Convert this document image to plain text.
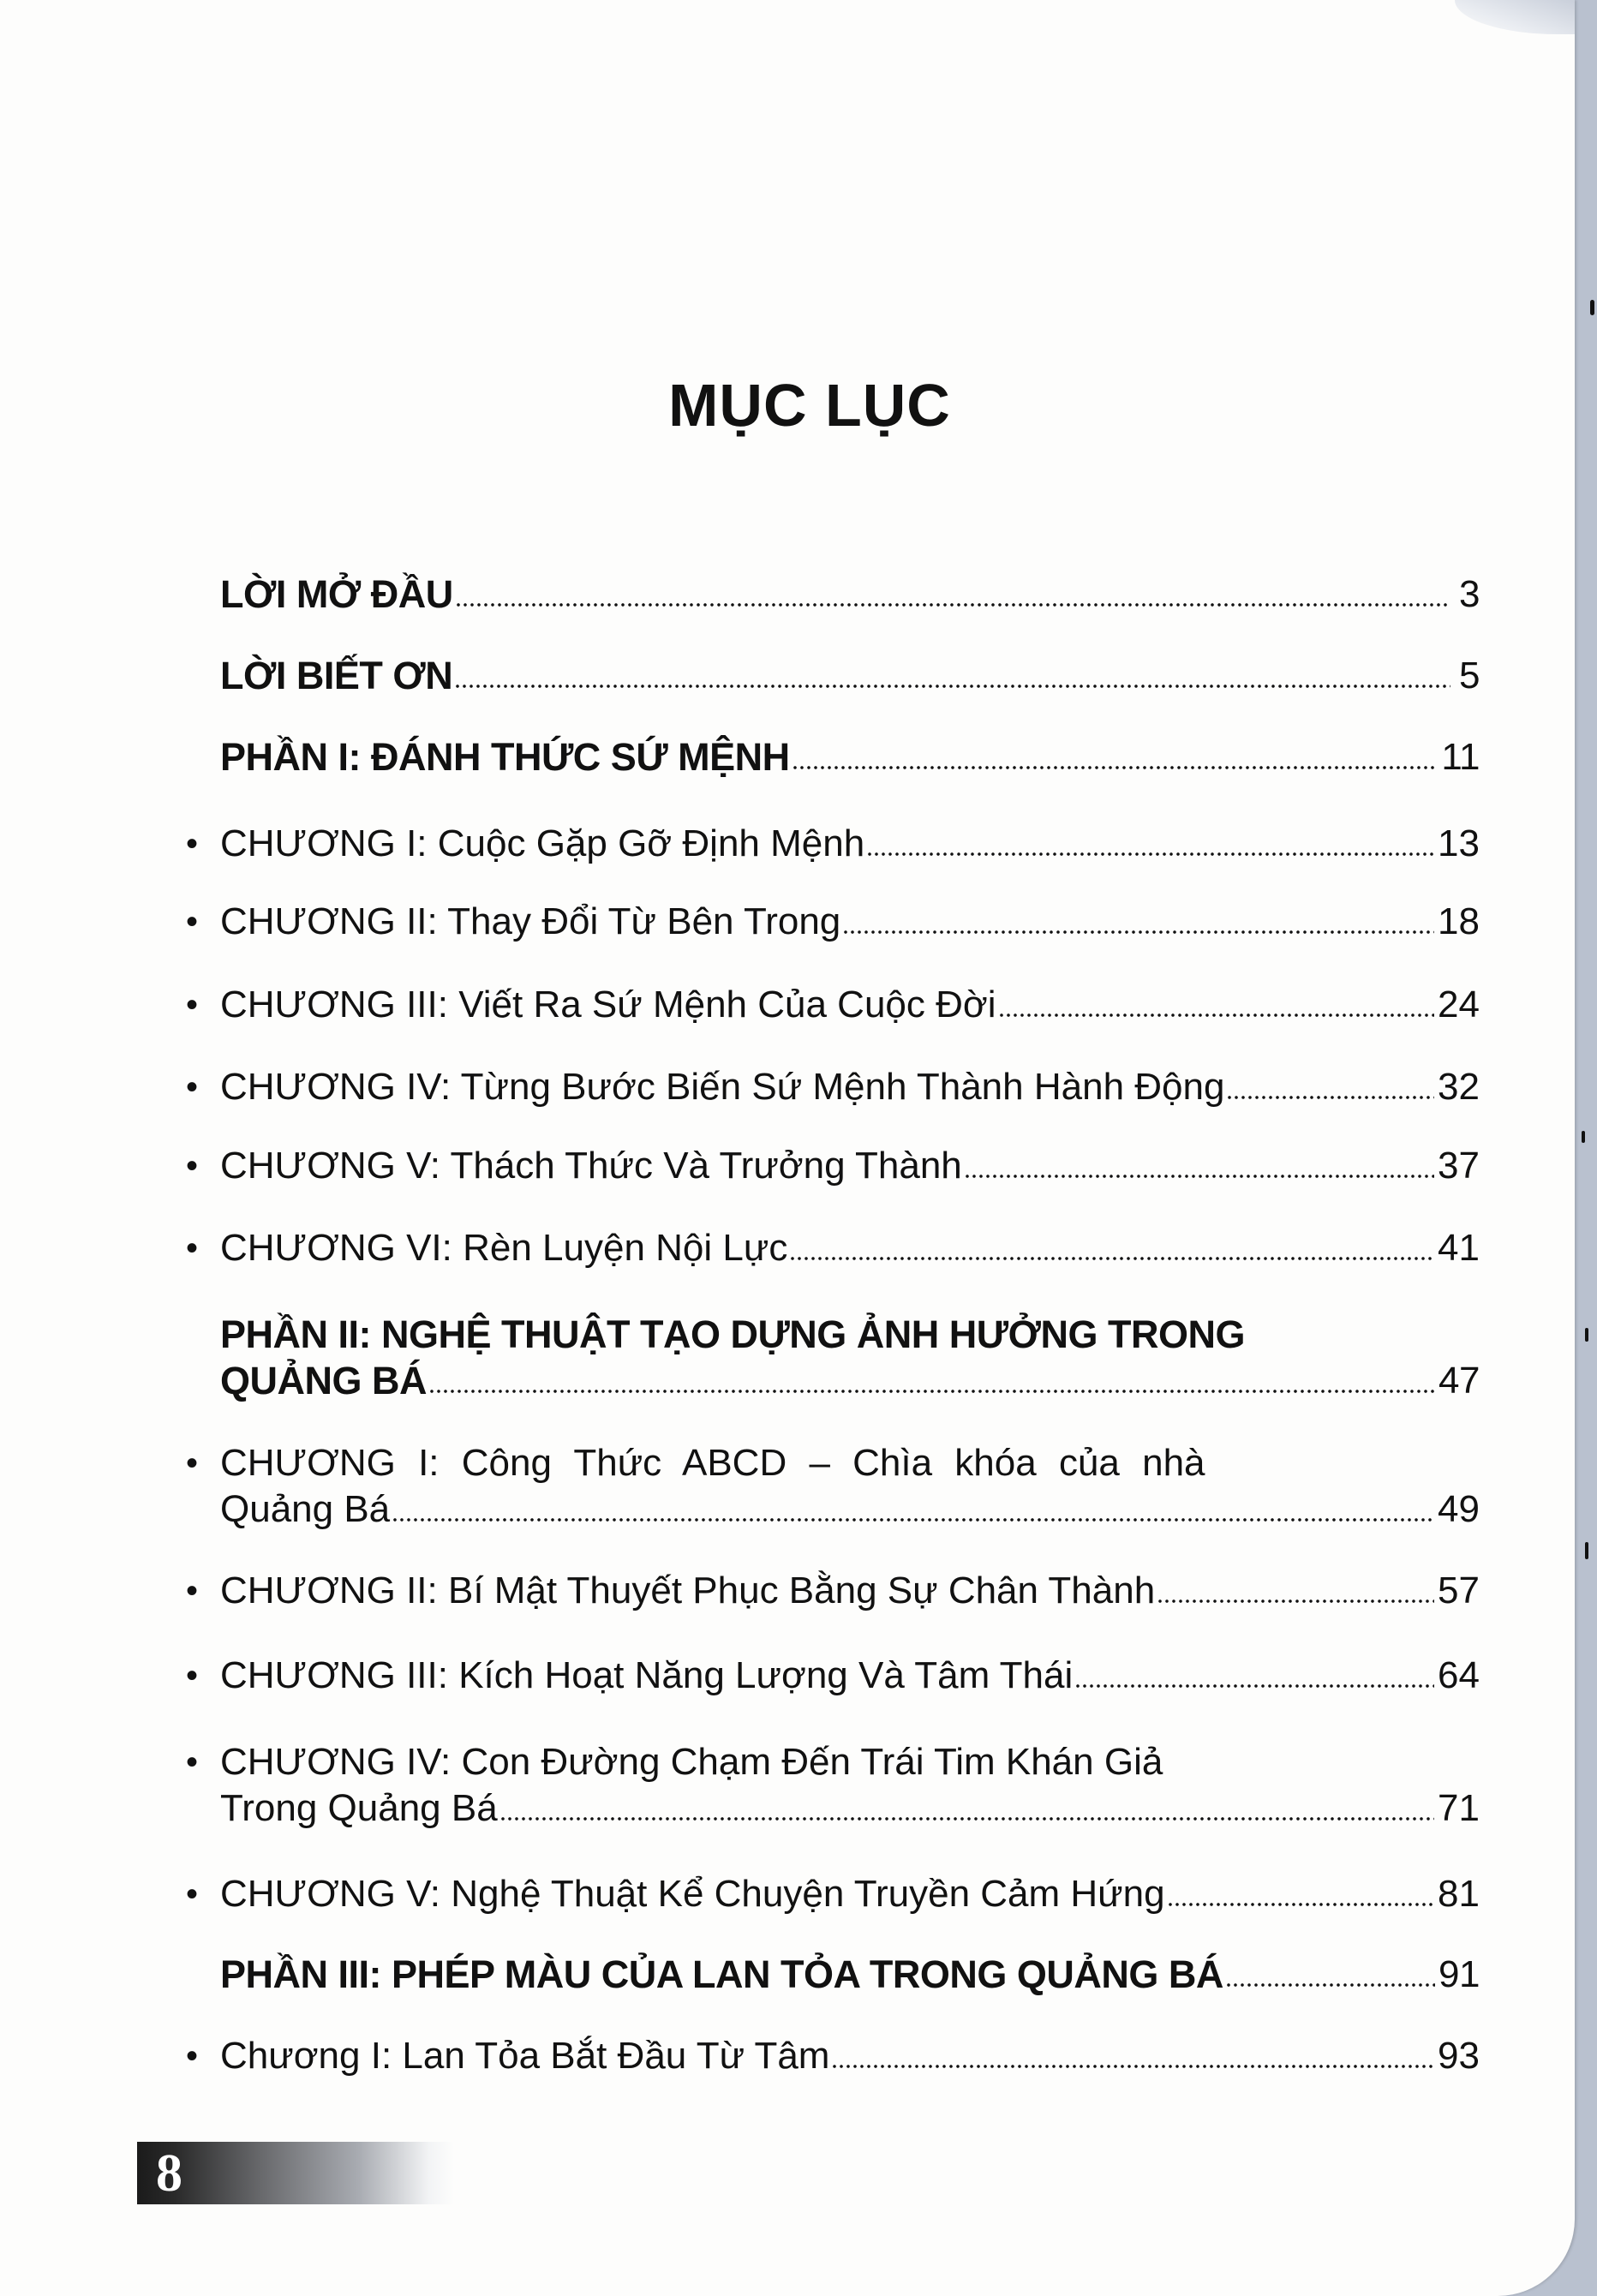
MỤC LỤC
LỜI MỞ ĐẦU	3
LỜI BIẾT ƠN	5
PHẦN I: ĐÁNH THỨC SỨ MỆNH	11
• CHƯƠNG I: Cuộc Gặp Gỡ Định Mệnh	13
• CHƯƠNG II: Thay Đổi Từ Bên Trong	18
• CHƯƠNG III: Viết Ra Sứ Mệnh Của Cuộc Đời	24
• CHƯƠNG IV: Từng Bước Biến Sứ Mệnh Thành Hành Động	32
• CHƯƠNG V: Thách Thức Và Trưởng Thành	37
• CHƯƠNG VI: Rèn Luyện Nội Lực	41
PHẦN II: NGHỆ THUẬT TẠO DỰNG ẢNH HƯỞNG TRONG
QUẢNG BÁ	47
• CHƯƠNG I: Công Thức ABCD – Chìa khóa của nhà
Quảng Bá	49
• CHƯƠNG II: Bí Mật Thuyết Phục Bằng Sự Chân Thành	57
• CHƯƠNG III: Kích Hoạt Năng Lượng Và Tâm Thái	64
• CHƯƠNG IV: Con Đường Chạm Đến Trái Tim Khán Giả
Trong Quảng Bá	71
• CHƯƠNG V: Nghệ Thuật Kể Chuyện Truyền Cảm Hứng	81
PHẦN III: PHÉP MÀU CỦA LAN TỎA TRONG QUẢNG BÁ	91
• Chương I: Lan Tỏa Bắt Đầu Từ Tâm	93
8
